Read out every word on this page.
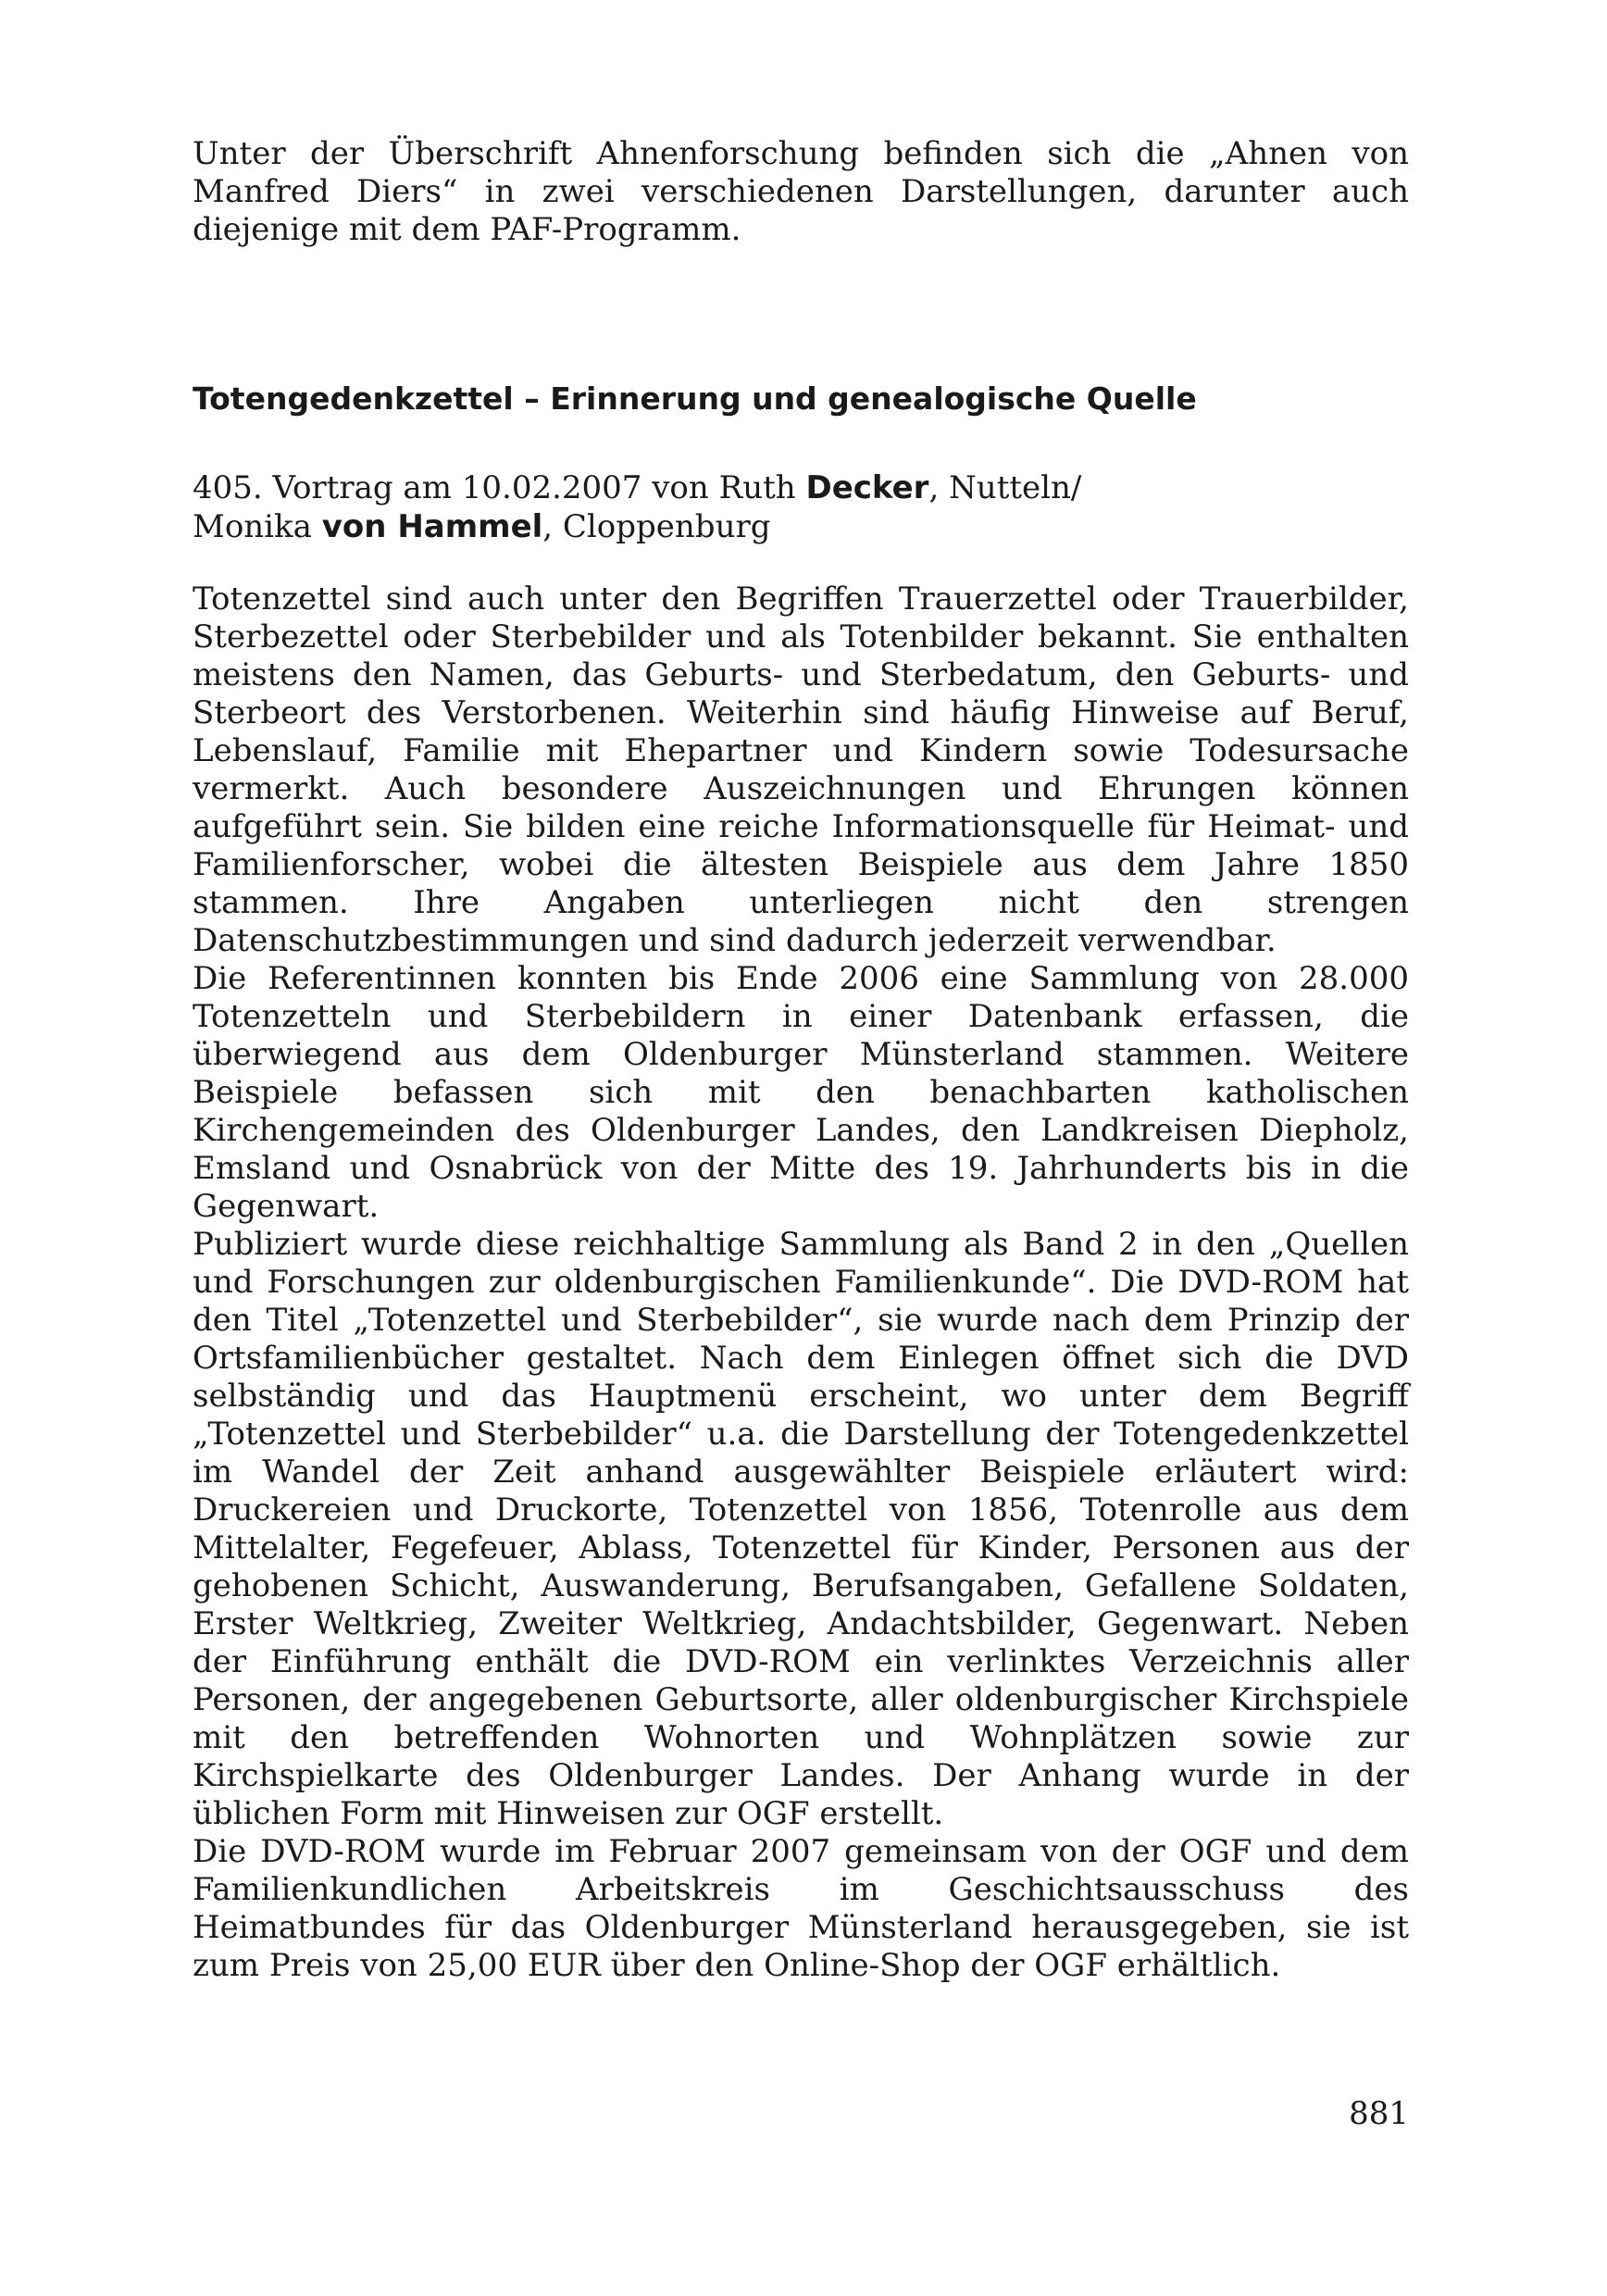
Unter der Überschrift Ahnenforschung befinden sich die „Ahnen von Manfred Diers“ in zwei verschiedenen Darstellungen, darunter auch diejenige mit dem PAF-Programm.

Totengedenkzettel – Erinnerung und genealogische Quelle

405. Vortrag am 10.02.2007 von Ruth Decker, Nutteln/
Monika von Hammel, Cloppenburg

Totenzettel sind auch unter den Begriffen Trauerzettel oder Trauerbilder, Sterbezettel oder Sterbebilder und als Totenbilder bekannt. Sie enthalten meistens den Namen, das Geburts- und Sterbedatum, den Geburts- und Sterbeort des Verstorbenen. Weiterhin sind häufig Hinweise auf Beruf, Lebenslauf, Familie mit Ehepartner und Kindern sowie Todesursache vermerkt. Auch besondere Auszeichnungen und Ehrungen können aufgeführt sein. Sie bilden eine reiche Informationsquelle für Heimat- und Familienforscher, wobei die ältesten Beispiele aus dem Jahre 1850 stammen. Ihre Angaben unterliegen nicht den strengen Datenschutzbestimmungen und sind dadurch jederzeit verwendbar.

Die Referentinnen konnten bis Ende 2006 eine Sammlung von 28.000 Totenzetteln und Sterbebildern in einer Datenbank erfassen, die überwiegend aus dem Oldenburger Münsterland stammen. Weitere Beispiele befassen sich mit den benachbarten katholischen Kirchengemeinden des Oldenburger Landes, den Landkreisen Diepholz, Emsland und Osnabrück von der Mitte des 19. Jahrhunderts bis in die Gegenwart.

Publiziert wurde diese reichhaltige Sammlung als Band 2 in den „Quellen und Forschungen zur oldenburgischen Familienkunde“. Die DVD-ROM hat den Titel „Totenzettel und Sterbebilder“, sie wurde nach dem Prinzip der Ortsfamilienbücher gestaltet. Nach dem Einlegen öffnet sich die DVD selbständig und das Hauptmenü erscheint, wo unter dem Begriff „Totenzettel und Sterbebilder“ u.a. die Darstellung der Totengedenkzettel im Wandel der Zeit anhand ausgewählter Beispiele erläutert wird: Druckereien und Druckorte, Totenzettel von 1856, Totenrolle aus dem Mittelalter, Fegefeuer, Ablass, Totenzettel für Kinder, Personen aus der gehobenen Schicht, Auswanderung, Berufsangaben, Gefallene Soldaten, Erster Weltkrieg, Zweiter Weltkrieg, Andachtsbilder, Gegenwart. Neben der Einführung enthält die DVD-ROM ein verlinktes Verzeichnis aller Personen, der angegebenen Geburtsorte, aller oldenburgischer Kirchspiele mit den betreffenden Wohnorten und Wohnplätzen sowie zur Kirchspielkarte des Oldenburger Landes. Der Anhang wurde in der üblichen Form mit Hinweisen zur OGF erstellt.

Die DVD-ROM wurde im Februar 2007 gemeinsam von der OGF und dem Familienkundlichen Arbeitskreis im Geschichtsausschuss des Heimatbundes für das Oldenburger Münsterland herausgegeben, sie ist zum Preis von 25,00 EUR über den Online-Shop der OGF erhältlich.

881
